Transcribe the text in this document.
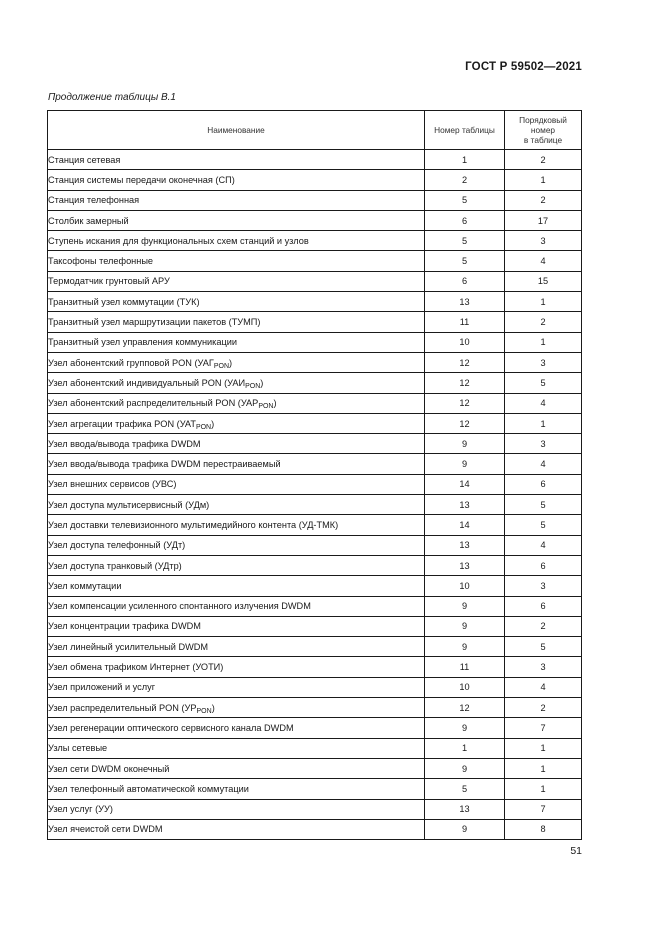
ГОСТ Р 59502—2021
Продолжение таблицы В.1
Наименование	Номер таблицы	Порядковый
номер
в таблице
Станция сетевая	1	2
Станция системы передачи оконечная (СП)	2	1
Станция телефонная	5	2
Столбик замерный	6	17
Ступень искания для функциональных схем станций и узлов	5	3
Таксофоны телефонные	5	4
Термодатчик грунтовый АРУ	6	15
Транзитный узел коммутации (ТУК)	13	1
Транзитный узел маршрутизации пакетов (ТУМП)	11	2
Транзитный узел управления коммуникации	10	1
Узел абонентский групповой PON $(УАГ_{PON})$	12	3
Узел абонентский индивидуальный PON $(УАИ_{PON})$	12	5
Узел абонентский распределительный PON $(УАР_{PON})$	12	4
Узел агрегации трафика PON $(УАТ_{PON})$	12	1
Узел ввода/вывода трафика DWDM	9	3
Узел ввода/вывода трафика DWDM перестраиваемый	9	4
Узел внешних сервисов (УВС)	14	6
Узел доступа мультисервисный (УДм)	13	5
Узел доставки телевизионного мультимедийного контента (УД-ТМК)	14	5
Узел доступа телефонный (УДт)	13	4
Узел доступа транковый (УДтр)	13	6
Узел коммутации	10	3
Узел компенсации усиленного спонтанного излучения DWDM	9	6
Узел концентрации трафика DWDM	9	2
Узел линейный усилительный DWDM	9	5
Узел обмена трафиком Интернет (УОТИ)	11	3
Узел приложений и услуг	10	4
Узел распределительный PON $(УР_{PON})$	12	2
Узел регенерации оптического сервисного канала DWDM	9	7
Узлы сетевые	1	1
Узел сети DWDM оконечный	9	1
Узел телефонный автоматической коммутации	5	1
Узел услуг (УУ)	13	7
Узел ячеистой сети DWDM	9	8
51
